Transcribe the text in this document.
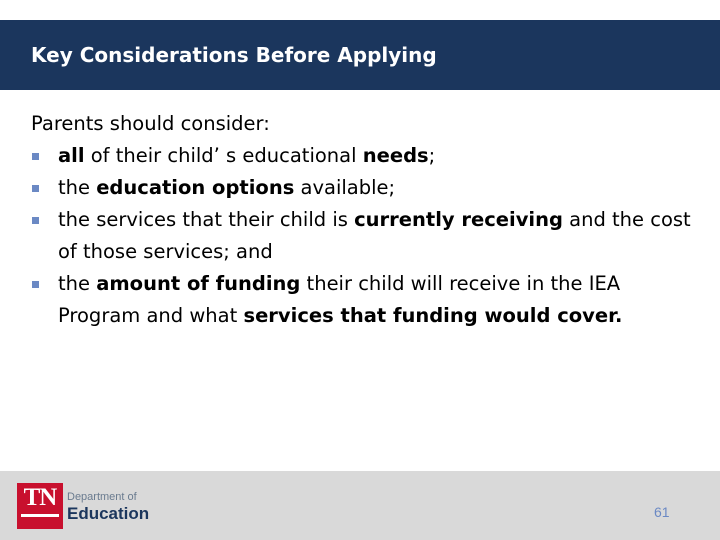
Key Considerations Before Applying

Parents should consider:

all of their child’ s educational needs;
the education options available;
the services that their child is currently receiving and the cost of those services; and
the amount of funding their child will receive in the IEA Program and what services that funding would cover.
TN Department of
Education	61
